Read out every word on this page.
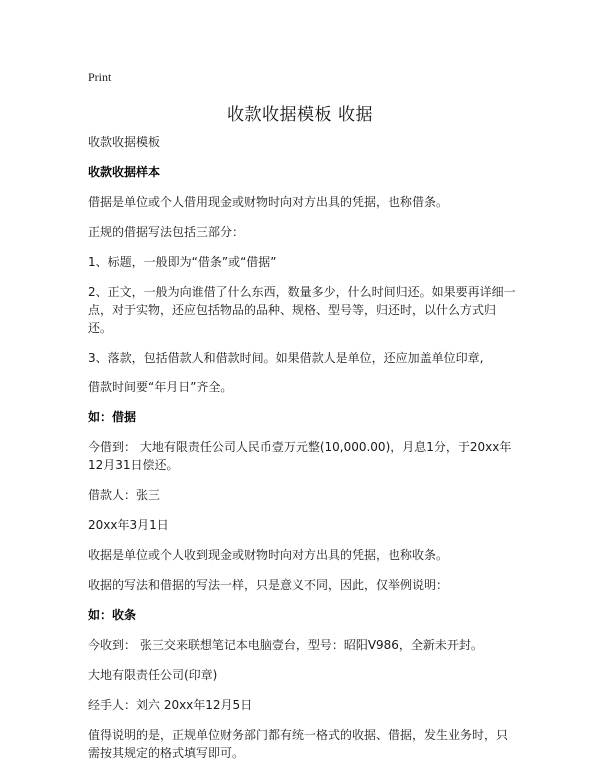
Print
收款收据模板 收据

收款收据模板

收款收据样本

借据是单位或个人借用现金或财物时向对方出具的凭据，也称借条。

正规的借据写法包括三部分：

1、标题，一般即为“借条”或“借据”

2、正文，一般为向谁借了什么东西，数量多少，什么时间归还。如果要再详细一点，对于实物，还应包括物品的品种、规格、型号等，归还时，以什么方式归还。

3、落款，包括借款人和借款时间。如果借款人是单位，还应加盖单位印章,

借款时间要“年月日”齐全。

如：借据

今借到： 大地有限责任公司人民币壹万元整(10,000.00)，月息1分，于20xx年12月31日偿还。

借款人：张三

20xx年3月1日

收据是单位或个人收到现金或财物时向对方出具的凭据，也称收条。

收据的写法和借据的写法一样，只是意义不同，因此，仅举例说明：

如：收条

今收到： 张三交来联想笔记本电脑壹台，型号：昭阳V986，全新未开封。

大地有限责任公司(印章)

经手人：刘六 20xx年12月5日

值得说明的是，正规单位财务部门都有统一格式的收据、借据，发生业务时，只需按其规定的格式填写即可。
